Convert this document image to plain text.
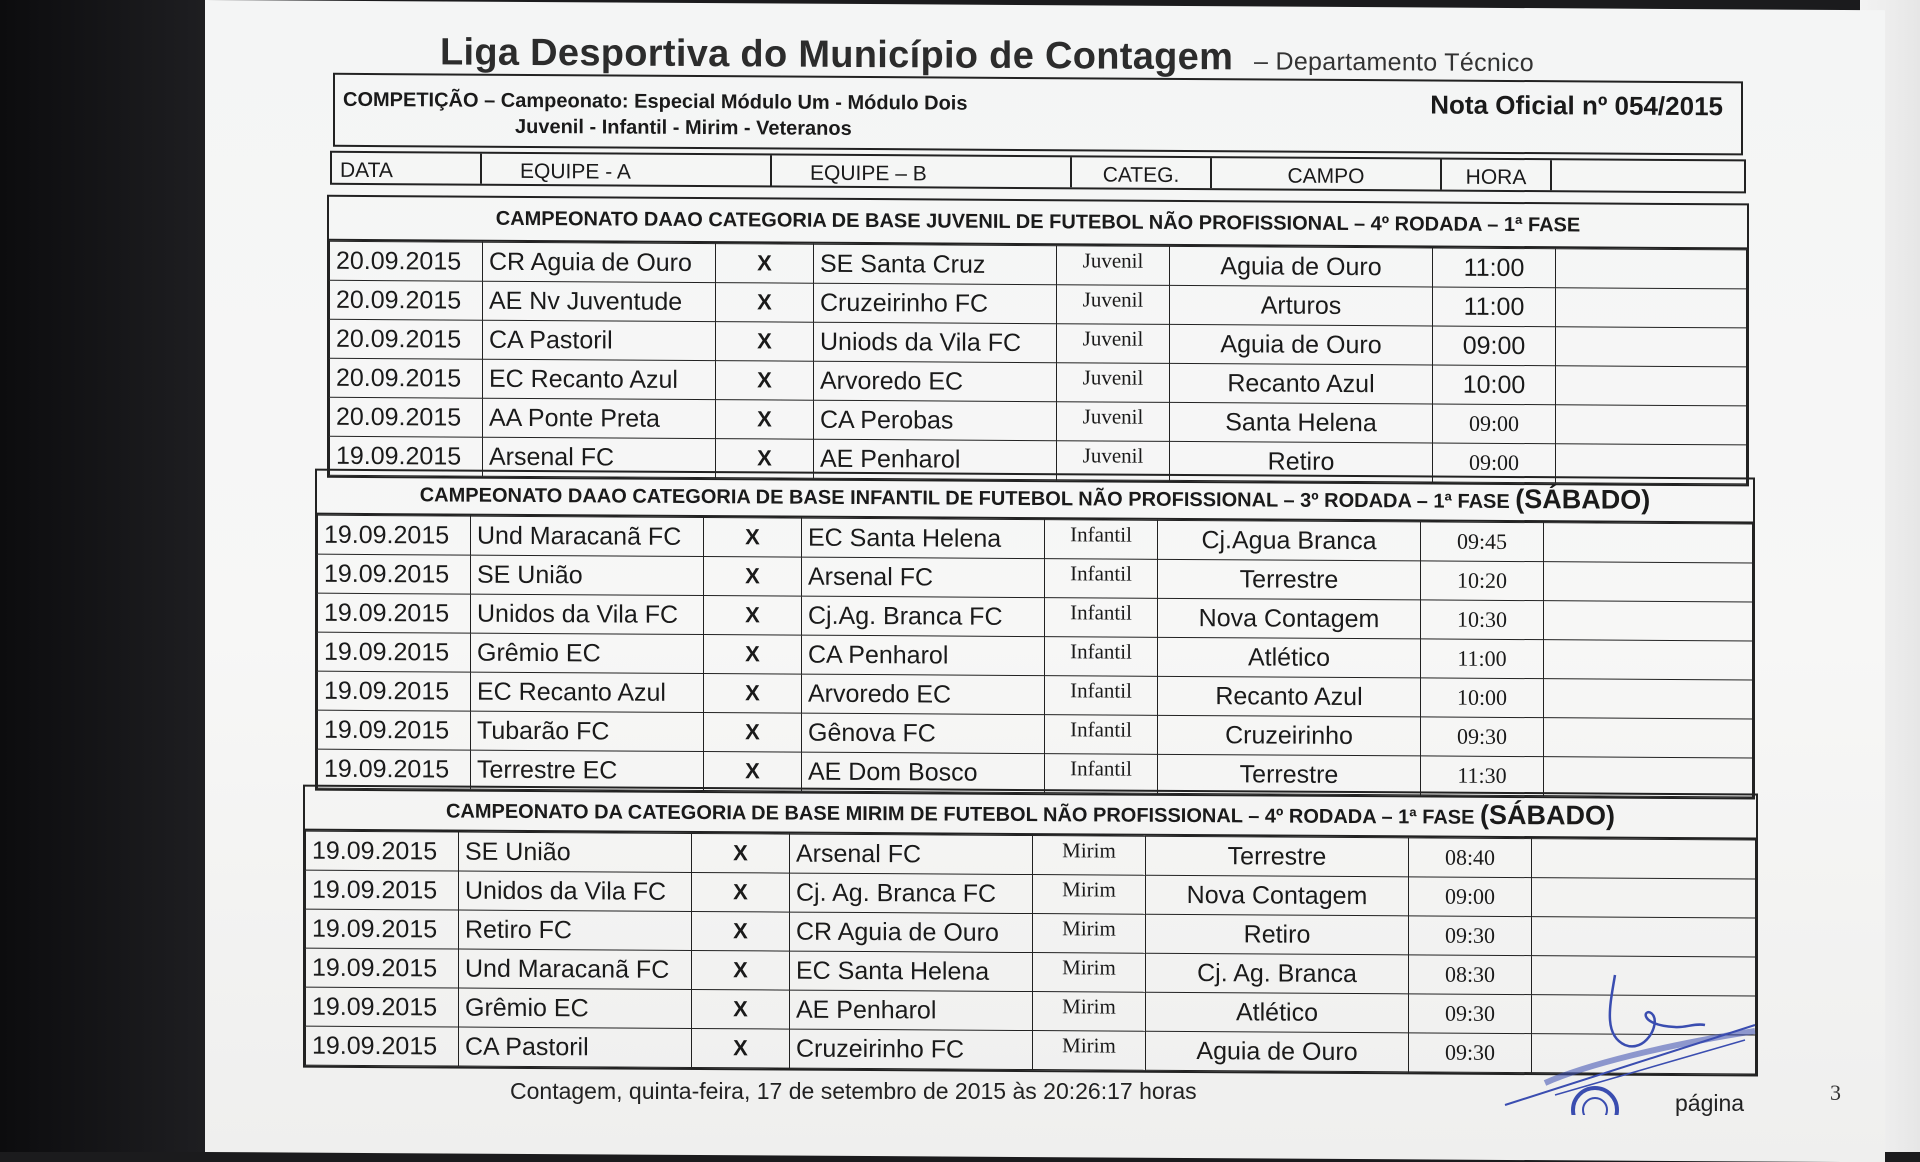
Liga Desportiva do Município de Contagem – Departamento Técnico
COMPETIÇÃO – Campeonato: Especial Módulo Um - Módulo Dois
Juvenil - Infantil - Mirim - Veteranos
Nota Oficial nº 054/2015
DATA	EQUIPE - A	EQUIPE – B	CATEG.	CAMPO	HORA
CAMPEONATO DAAO CATEGORIA DE BASE JUVENIL DE FUTEBOL NÃO PROFISSIONAL – 4º RODADA – 1ª FASE
20.09.2015	CR Aguia de Ouro	X	SE Santa Cruz	Juvenil	Aguia de Ouro	11:00	
20.09.2015	AE Nv Juventude	X	Cruzeirinho FC	Juvenil	Arturos	11:00	
20.09.2015	CA Pastoril	X	Uniods da Vila FC	Juvenil	Aguia de Ouro	09:00	
20.09.2015	EC Recanto Azul	X	Arvoredo EC	Juvenil	Recanto Azul	10:00	
20.09.2015	AA Ponte Preta	X	CA Perobas	Juvenil	Santa Helena	09:00	
19.09.2015	Arsenal FC	X	AE Penharol	Juvenil	Retiro	09:00	
CAMPEONATO DAAO CATEGORIA DE BASE INFANTIL DE FUTEBOL NÃO PROFISSIONAL – 3º RODADA – 1ª FASE (SÁBADO)
19.09.2015	Und Maracanã FC	X	EC Santa Helena	Infantil	Cj.Agua Branca	09:45	
19.09.2015	SE União	X	Arsenal FC	Infantil	Terrestre	10:20	
19.09.2015	Unidos da Vila FC	X	Cj.Ag. Branca FC	Infantil	Nova Contagem	10:30	
19.09.2015	Grêmio EC	X	CA Penharol	Infantil	Atlético	11:00	
19.09.2015	EC Recanto Azul	X	Arvoredo EC	Infantil	Recanto Azul	10:00	
19.09.2015	Tubarão FC	X	Gênova FC	Infantil	Cruzeirinho	09:30	
19.09.2015	Terrestre EC	X	AE Dom Bosco	Infantil	Terrestre	11:30	
CAMPEONATO DA CATEGORIA DE BASE MIRIM DE FUTEBOL NÃO PROFISSIONAL – 4º RODADA – 1ª FASE (SÁBADO)
19.09.2015	SE União	X	Arsenal FC	Mirim	Terrestre	08:40	
19.09.2015	Unidos da Vila FC	X	Cj. Ag. Branca FC	Mirim	Nova Contagem	09:00	
19.09.2015	Retiro FC	X	CR Aguia de Ouro	Mirim	Retiro	09:30	
19.09.2015	Und Maracanã FC	X	EC Santa Helena	Mirim	Cj. Ag. Branca	08:30	
19.09.2015	Grêmio EC	X	AE Penharol	Mirim	Atlético	09:30	
19.09.2015	CA Pastoril	X	Cruzeirinho FC	Mirim	Aguia de Ouro	09:30	
Contagem, quinta-feira, 17 de setembro de 2015 às 20:26:17 horas	página	3
